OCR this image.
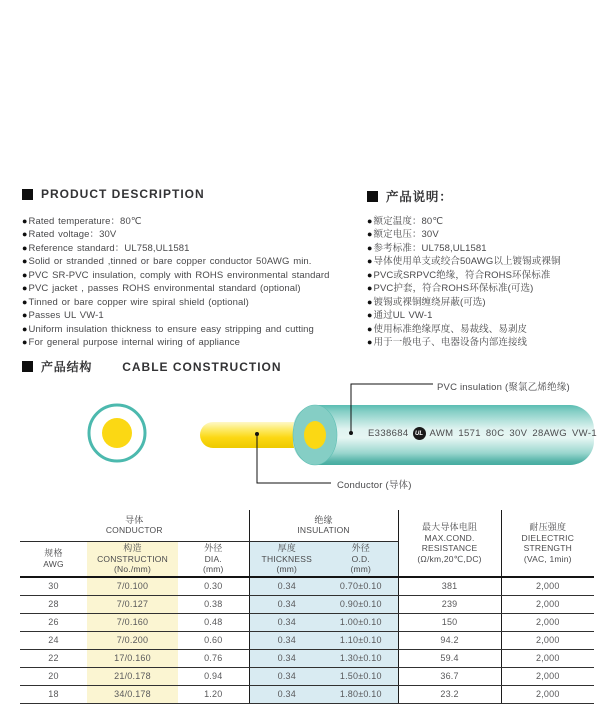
PRODUCT DESCRIPTION
●Rated temperature：80℃
●Rated voltage：30V
●Reference standard：UL758,UL1581
●Solid or stranded ,tinned or bare copper conductor 50AWG min.
●PVC SR-PVC insulation, comply with ROHS environmental standard
●PVC jacket , passes ROHS environmental standard (optional)
●Tinned or bare copper wire spiral shield (optional)
●Passes UL VW-1
●Uniform insulation thickness to ensure easy stripping and cutting
●For general purpose internal wiring of appliance
产品说明：
●额定温度：80℃
●额定电压：30V
●参考标准：UL758,UL1581
●导体使用单支或绞合50AWG以上镀锡或裸铜
●PVC或SRPVC绝缘，符合ROHS环保标准
●PVC护套，符合ROHS环保标准(可选)
●镀锡或裸铜缠绕屏蔽(可选)
●通过UL VW-1
●使用标准绝缘厚度、易裁线、易剥皮
●用于一般电子、电器设备内部连接线
产品结构	CABLE CONSTRUCTION
PVC insulation (聚氯乙烯绝缘)
Conductor (导体)
E338684 UL AWM 1571 80C 30V 28AWG VW-1
导体
CONDUCTOR

绝缘
INSULATION	最大导体电阻
MAX.COND.
RESISTANCE
(Ω/km,20℃,DC)

耐压强度
DIELECTRIC
STRENGTH
(VAC, 1min)

规格
AWG

构造
CONSTRUCTION
(No./mm)

外径
DIA.
(mm)

厚度
THICKNESS
(mm)

外径
O.D.
(mm)

30	7/0.100	0.30	0.34	0.70±0.10	381	2,000
28	7/0.127	0.38	0.34	0.90±0.10	239	2,000
26	7/0.160	0.48	0.34	1.00±0.10	150	2,000
24	7/0.200	0.60	0.34	1.10±0.10	94.2	2,000
22	17/0.160	0.76	0.34	1.30±0.10	59.4	2,000
20	21/0.178	0.94	0.34	1.50±0.10	36.7	2,000
18	34/0.178	1.20	0.34	1.80±0.10	23.2	2,000
